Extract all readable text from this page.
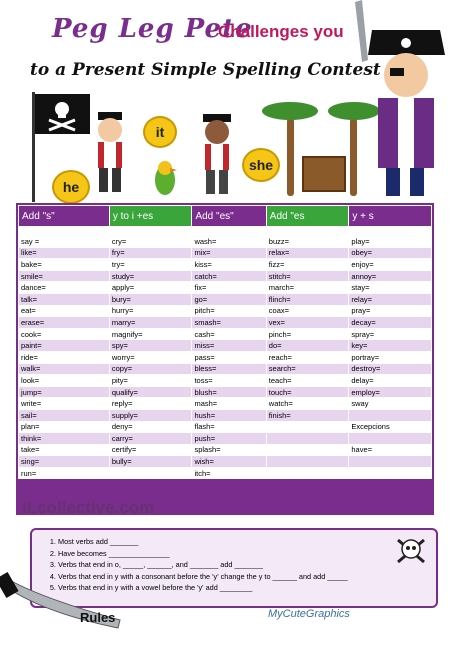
Peg Leg Pete
Challenges you
to a Present Simple Spelling Contest
he
it
she
Add "s"	y to i +es	Add "es"	Add "es	y + s

say =	cry=	wash=	buzz=	play=
like=	fry=	mix=	relax=	obey=
bake=	try=	kiss=	fizz=	enjoy=
smile=	study=	catch=	stitch=	annoy=
dance=	apply=	fix=	march=	stay=
talk=	bury=	go=	flinch=	relay=
eat=	hurry=	pitch=	coax=	pray=
erase=	marry=	smash=	vex=	decay=
cook=	magnify=	cash=	pinch=	spray=
paint=	spy=	miss=	do=	key=
ride=	worry=	pass=	reach=	portray=
walk=	copy=	bless=	search=	destroy=
look=	pity=	toss=	teach=	delay=
jump=	qualify=	blush=	touch=	employ=
write=	reply=	mash=	watch=	sway
sail=	supply=	hush=	finish=	
plan=	deny=	flash=		Excepcions
think=	carry=	push=		
take=	certify=	splash=		have=
sing=	bully=	wish=		
run=		itch=		
iLcollective.com
1. Most verbs add _______
2. Have becomes _______________
3. Verbs that end in o, _____, ______, and _______ add _______
4. Verbs that end in y with a consonant before the 'y' change the y to ______ and add _____
5. Verbs that end in y with a vowel before the 'y' add ________
Rules	MyCuteGraphics
